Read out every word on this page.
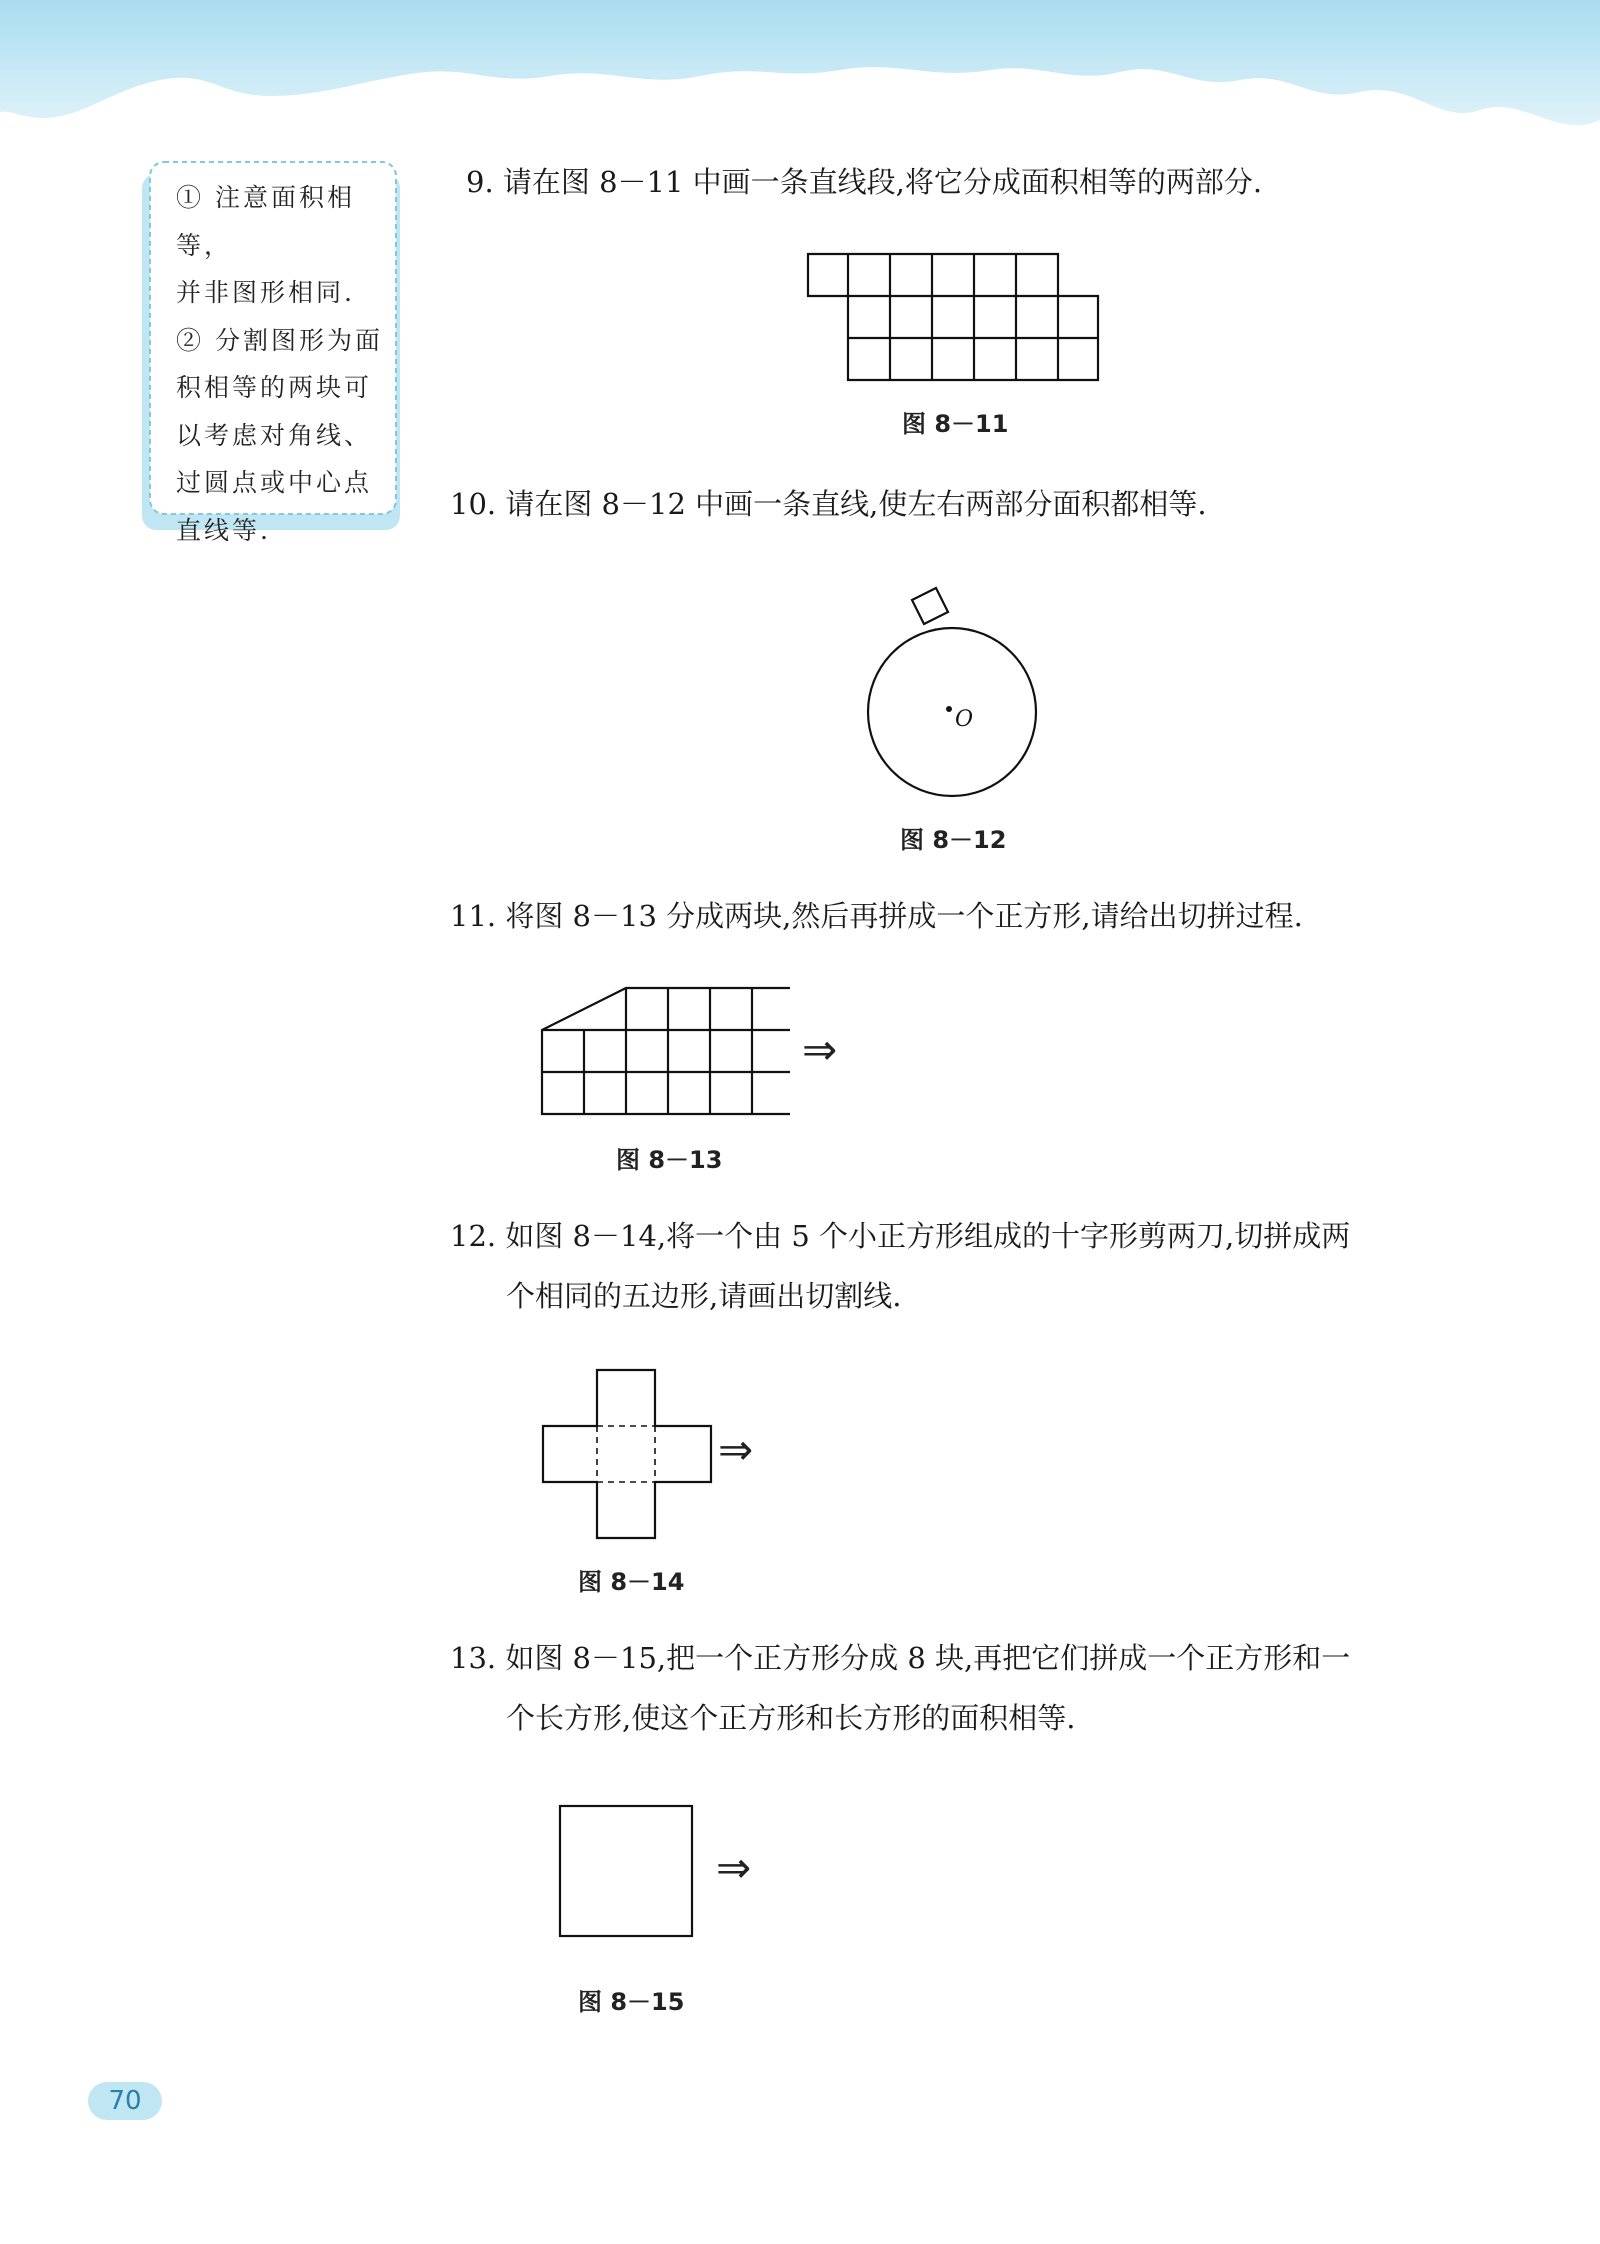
① 注意面积相等，

并非图形相同.

② 分割图形为面

积相等的两块可

以考虑对角线、

过圆点或中心点

直线等.

9. 请在图 8－11 中画一条直线段,将它分成面积相等的两部分.
图 8－11
10. 请在图 8－12 中画一条直线,使左右两部分面积都相等.
O
图 8－12
11. 将图 8－13 分成两块,然后再拼成一个正方形,请给出切拼过程.
⇒
图 8－13
12. 如图 8－14,将一个由 5 个小正方形组成的十字形剪两刀,切拼成两
个相同的五边形,请画出切割线.
⇒
图 8－14
13. 如图 8－15,把一个正方形分成 8 块,再把它们拼成一个正方形和一
个长方形,使这个正方形和长方形的面积相等.
⇒
图 8－15
70
